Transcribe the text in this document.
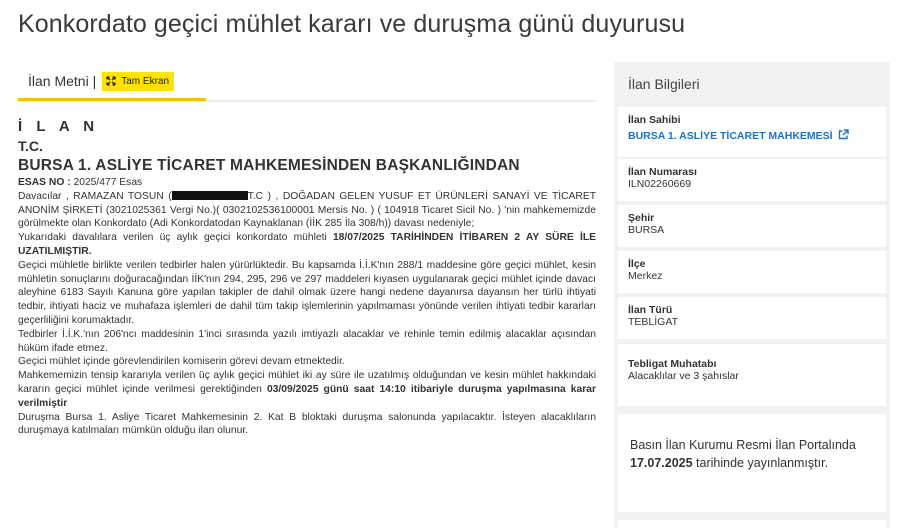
Konkordato geçici mühlet kararı ve duruşma günü duyurusu
İlan Metni |	Tam Ekran

İ L A N

T.C.

BURSA 1. ASLİYE TİCARET MAHKEMESİNDEN BAŞKANLIĞINDAN

ESAS NO : 2025/477 Esas

Davacılar , RAMAZAN TOSUN (	T.C ) , DOĞADAN GELEN YUSUF ET ÜRÜNLERİ SANAYİ VE TİCARET ANONİM ŞİRKETİ (3021025361 Vergi No.)( 0302102536100001 Mersis No. ) ( 104918 Ticaret Sicil No. ) 'nin mahkememizde görülmekte olan Konkordato (Adi Konkordatodan Kaynaklanan (İİK 285 İla 308/h)) davası nedeniyle;

Yukarıdaki davalılara verilen üç aylık geçici konkordato mühleti 18/07/2025 TARİHİNDEN İTİBAREN 2 AY SÜRE İLE UZATILMIŞTIR.

Geçici mühletle birlikte verilen tedbirler halen yürürlüktedir. Bu kapsamda İ.İ.K'nın 288/1 maddesine göre geçici mühlet, kesin mühletin sonuçlarını doğuracağından İİK'nın 294, 295, 296 ve 297 maddeleri kıyasen uygulanarak geçici mühlet içinde davacı aleyhine 6183 Sayılı Kanuna göre yapılan takipler de dahil olmak üzere hangi nedene dayanırsa dayansın her türlü ihtiyati tedbir, ihtiyati haciz ve muhafaza işlemleri de dahil tüm takip işlemlerinin yapılmaması yönünde verilen ihtiyati tedbir kararları geçerliliğini korumaktadır.

Tedbirler İ.İ.K.'nın 206'ncı maddesinin 1'inci sırasında yazılı imtiyazlı alacaklar ve rehinle temin edilmiş alacaklar açısından hüküm ifade etmez.

Geçici mühlet içinde görevlendirilen komiserin görevi devam etmektedir.

Mahkememizin tensip kararıyla verilen üç aylık geçici mühlet iki ay süre ile uzatılmış olduğundan ve kesin mühlet hakkındaki kararın geçici mühlet içinde verilmesi gerektiğinden 03/09/2025 günü saat 14:10 itibariyle duruşma yapılmasına karar verilmiştir

Duruşma Bursa 1. Asliye Ticaret Mahkemesinin 2. Kat B bloktaki duruşma salonunda yapılacaktır. İsteyen alacaklıların duruşmaya katılmaları mümkün olduğu ilan olunur.

İlan Bilgileri
İlan Sahibi
BURSA 1. ASLİYE TİCARET MAHKEMESİ
İlan Numarası
ILN02260669
Şehir
BURSA
İlçe
Merkez
İlan Türü
TEBLİGAT
Tebligat Muhatabı
Alacaklılar ve 3 şahıslar
Basın İlan Kurumu Resmi İlan Portalında 17.07.2025 tarihinde yayınlanmıştır.
